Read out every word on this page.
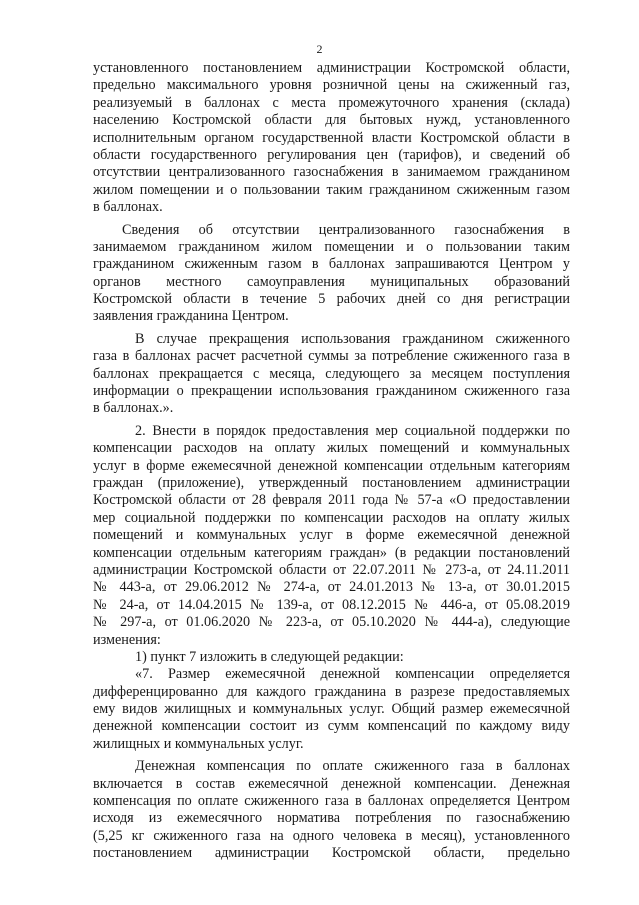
2
установленного постановлением администрации Костромской области,
предельно максимального уровня розничной цены на сжиженный газ,
реализуемый в баллонах с места промежуточного хранения (склада)
населению Костромской области для бытовых нужд, установленного
исполнительным органом государственной власти Костромской области в
области государственного регулирования цен (тарифов), и сведений об
отсутствии централизованного газоснабжения в занимаемом гражданином
жилом помещении и о пользовании таким гражданином сжиженным газом
в баллонах.
Сведения об отсутствии централизованного газоснабжения в
занимаемом гражданином жилом помещении и о пользовании таким
гражданином сжиженным газом в баллонах запрашиваются Центром у
органов местного самоуправления муниципальных образований
Костромской области в течение 5 рабочих дней со дня регистрации
заявления гражданина Центром.
В случае прекращения использования гражданином сжиженного
газа в баллонах расчет расчетной суммы за потребление сжиженного газа в
баллонах прекращается с месяца, следующего за месяцем поступления
информации о прекращении использования гражданином сжиженного газа
в баллонах.».
2. Внести в порядок предоставления мер социальной поддержки по
компенсации расходов на оплату жилых помещений и коммунальных
услуг в форме ежемесячной денежной компенсации отдельным категориям
граждан (приложение), утвержденный постановлением администрации
Костромской области от 28 февраля 2011 года № 57-а «О предоставлении
мер социальной поддержки по компенсации расходов на оплату жилых
помещений и коммунальных услуг в форме ежемесячной денежной
компенсации отдельным категориям граждан» (в редакции постановлений
администрации Костромской области от 22.07.2011 № 273-а, от 24.11.2011
№ 443-а, от 29.06.2012 № 274-а, от 24.01.2013 № 13-а, от 30.01.2015
№ 24-а, от 14.04.2015 № 139-а, от 08.12.2015 № 446-а, от 05.08.2019
№ 297-а, от 01.06.2020 № 223-а, от 05.10.2020 № 444-а), следующие
изменения:
1) пункт 7 изложить в следующей редакции:
«7. Размер ежемесячной денежной компенсации определяется
дифференцированно для каждого гражданина в разрезе предоставляемых
ему видов жилищных и коммунальных услуг. Общий размер ежемесячной
денежной компенсации состоит из сумм компенсаций по каждому виду
жилищных и коммунальных услуг.
Денежная компенсация по оплате сжиженного газа в баллонах
включается в состав ежемесячной денежной компенсации. Денежная
компенсация по оплате сжиженного газа в баллонах определяется Центром
исходя из ежемесячного норматива потребления по газоснабжению
(5,25 кг сжиженного газа на одного человека в месяц), установленного
постановлением администрации Костромской области, предельно
